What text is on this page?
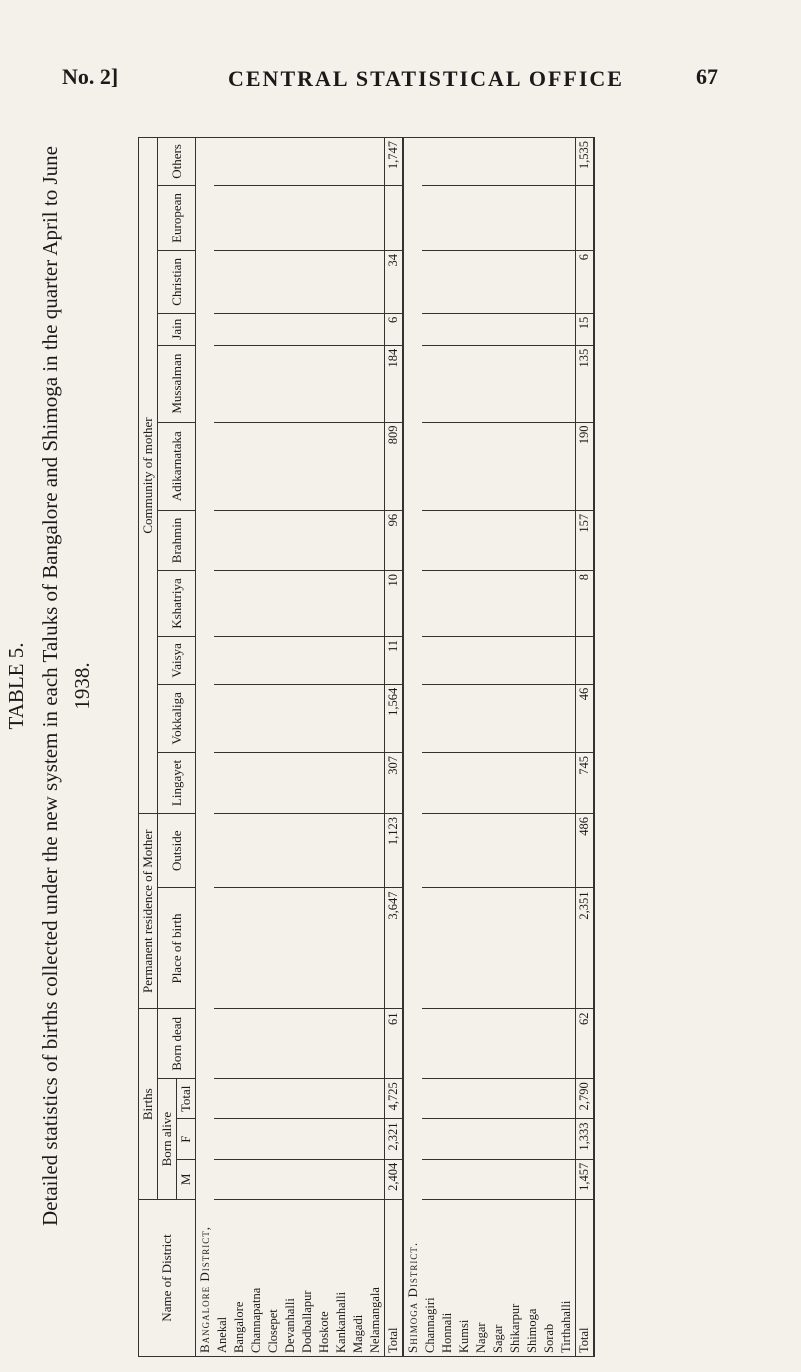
No. 2]	CENTRAL STATISTICAL OFFICE	67
TABLE 5. Detailed statistics of births collected under the new system in each Taluks of Bangalore and Shimoga in the quarter April to June 1938.
Name of District	Births				Permanent residence of Mother		Community of mother										
	Born alive			Born dead	Place of birth	Outside	Lingayet	Vokkaliga	Vaisya	Kshatriya	Brahmin	Adikarnataka	Mussalman	Jain	Christian	European	Others
	M	F	Total														
Bangalore District,																	
Anekal																	
Bangalore																	
Channapatna																	
Closepet																	
Devanhalli																	
Dodballapur																	
Hoskote																	
Kankanhalli																	
Magadi																	
Nelamangala																	
Total	2,404	2,321	4,725	61	3,647	1,123	307	1,564	11	10	96	809	184	6	34		1,747
Shimoga District.																	
Channagiri																	
Honnali																	
Kumsi																	
Nagar																	
Sagar																	
Shikarpur																	
Shimoga																	
Sorab																	
Tirthahalli																	
Total	1,457	1,333	2,790	62	2,351	486	745	46		8	157	190	135	15	6		1,535
